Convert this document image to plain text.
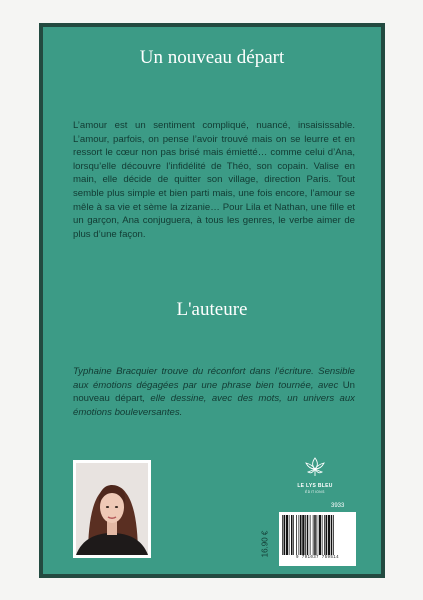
Un nouveau départ

L’amour est un sentiment compliqué, nuancé, insaisissable. L’amour, parfois, on pense l’avoir trouvé mais on se leurre et en ressort le cœur non pas brisé mais émietté… comme celui d’Ana, lorsqu’elle découvre l’infidélité de Théo, son copain. Valise en main, elle décide de quitter son village, direction Paris. Tout semble plus simple et bien parti mais, une fois encore, l’amour se mêle à sa vie et sème la zizanie… Pour Lila et Nathan, une fille et un garçon, Ana conjuguera, à tous les genres, le verbe aimer de plus d’une façon.

L'auteure

Typhaine Bracquier trouve du réconfort dans l’écriture. Sensible aux émotions dégagées par une phrase bien tournée, avec Un nouveau départ, elle dessine, avec des mots, un univers aux émotions bouleversantes.

LE LYS BLEU
ÉDITIONS
3933
16.90 €
9 791037 759514
